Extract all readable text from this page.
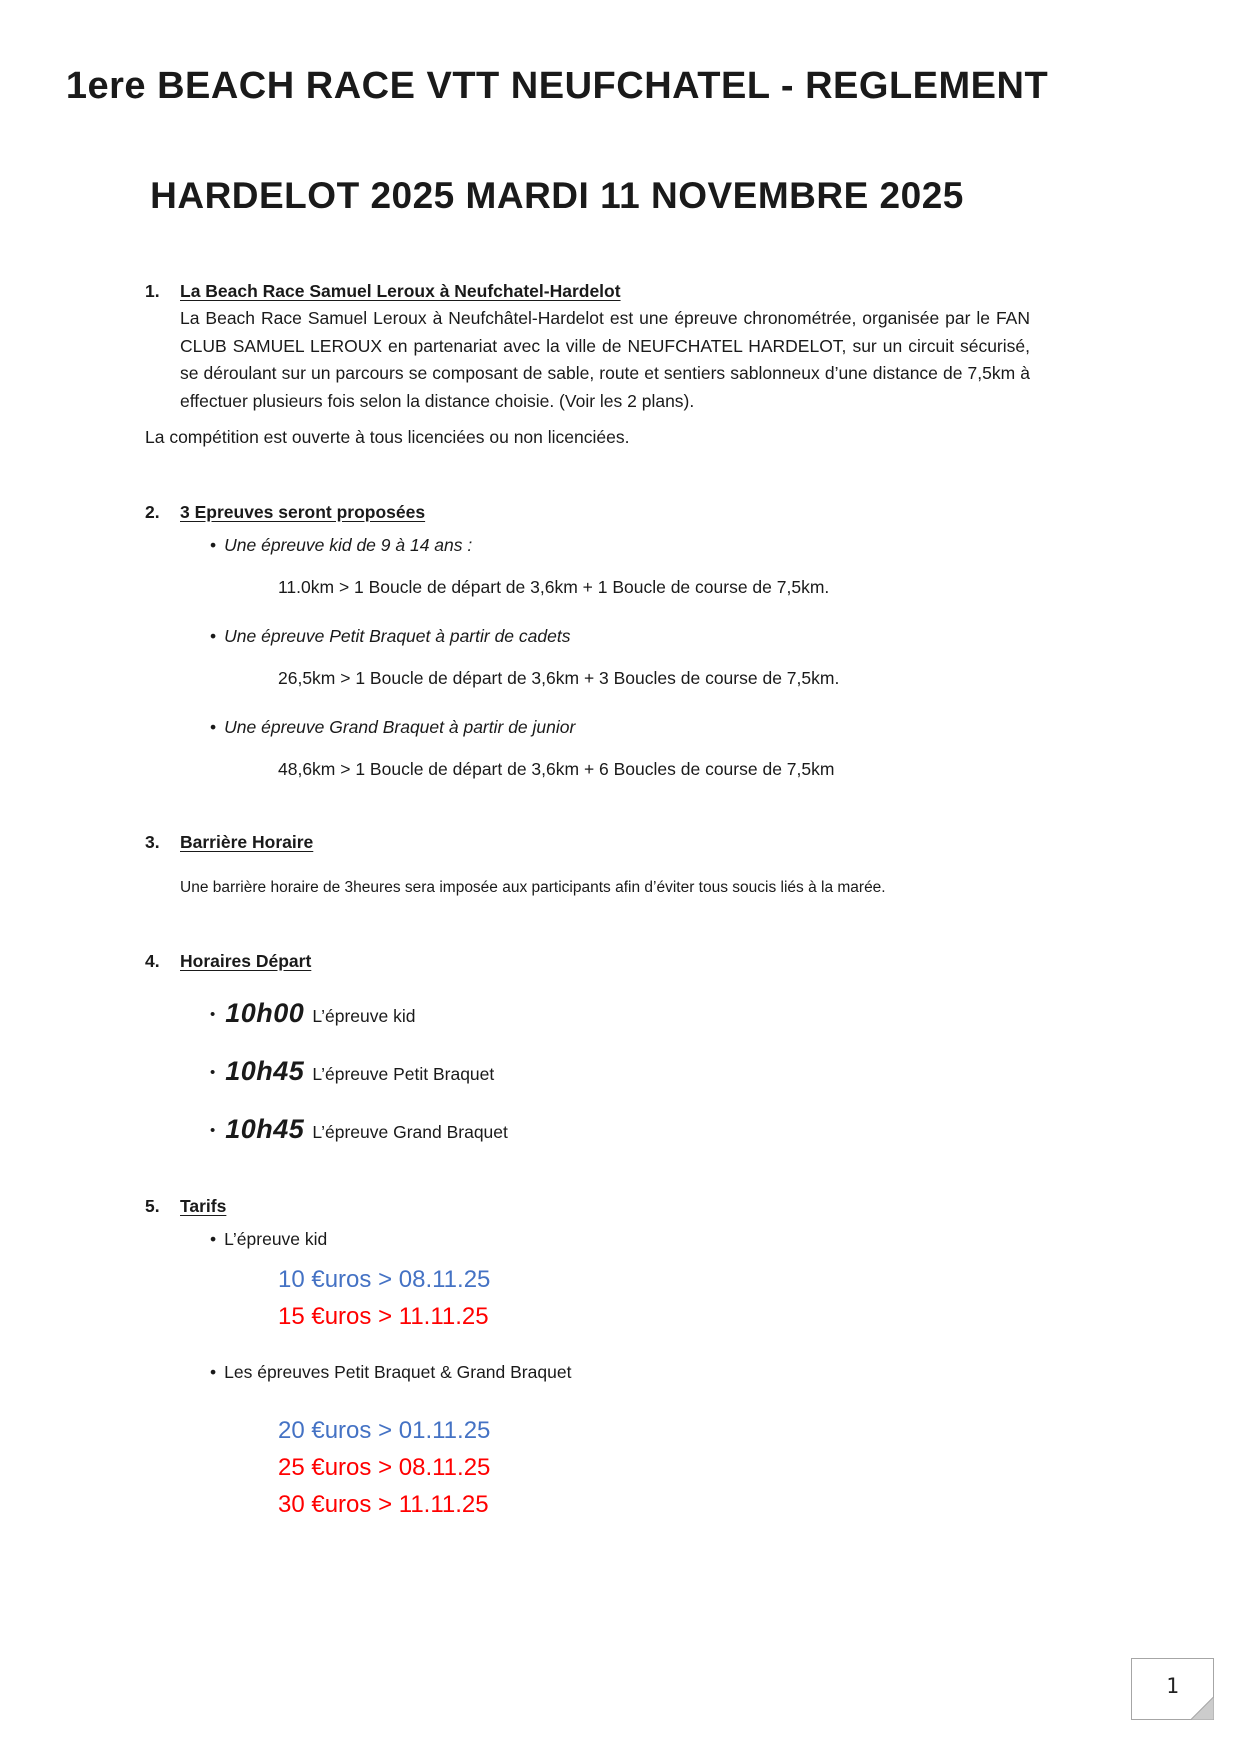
1ere BEACH RACE VTT NEUFCHATEL - REGLEMENT
HARDELOT 2025 MARDI 11 NOVEMBRE 2025
1.	La Beach Race Samuel Leroux à Neufchatel-Hardelot
La Beach Race Samuel Leroux à Neufchâtel-Hardelot est une épreuve chronométrée, organisée par le FAN CLUB SAMUEL LEROUX en partenariat avec la ville de NEUFCHATEL HARDELOT, sur un circuit sécurisé, se déroulant sur un parcours se composant de sable, route et sentiers sablonneux d’une distance de 7,5km à effectuer plusieurs fois selon la distance choisie. (Voir les 2 plans).
La compétition est ouverte à tous licenciées ou non licenciées.
2.	3 Epreuves seront proposées
• Une épreuve kid de 9 à 14 ans :
11.0km > 1 Boucle de départ de 3,6km + 1 Boucle de course de 7,5km.
• Une épreuve Petit Braquet à partir de cadets
26,5km > 1 Boucle de départ de 3,6km + 3 Boucles de course de 7,5km.
• Une épreuve Grand Braquet à partir de junior
48,6km > 1 Boucle de départ de 3,6km + 6 Boucles de course de 7,5km
3.	Barrière Horaire
Une barrière horaire de 3heures sera imposée aux participants afin d’éviter tous soucis liés à la marée.
4.	Horaires Départ
• 10h00 L’épreuve kid
• 10h45 L’épreuve Petit Braquet
• 10h45 L’épreuve Grand Braquet
5.	Tarifs
• L’épreuve kid
10 €uros > 08.11.25
15 €uros > 11.11.25
• Les épreuves Petit Braquet & Grand Braquet
20 €uros > 01.11.25
25 €uros > 08.11.25
30 €uros > 11.11.25
1
